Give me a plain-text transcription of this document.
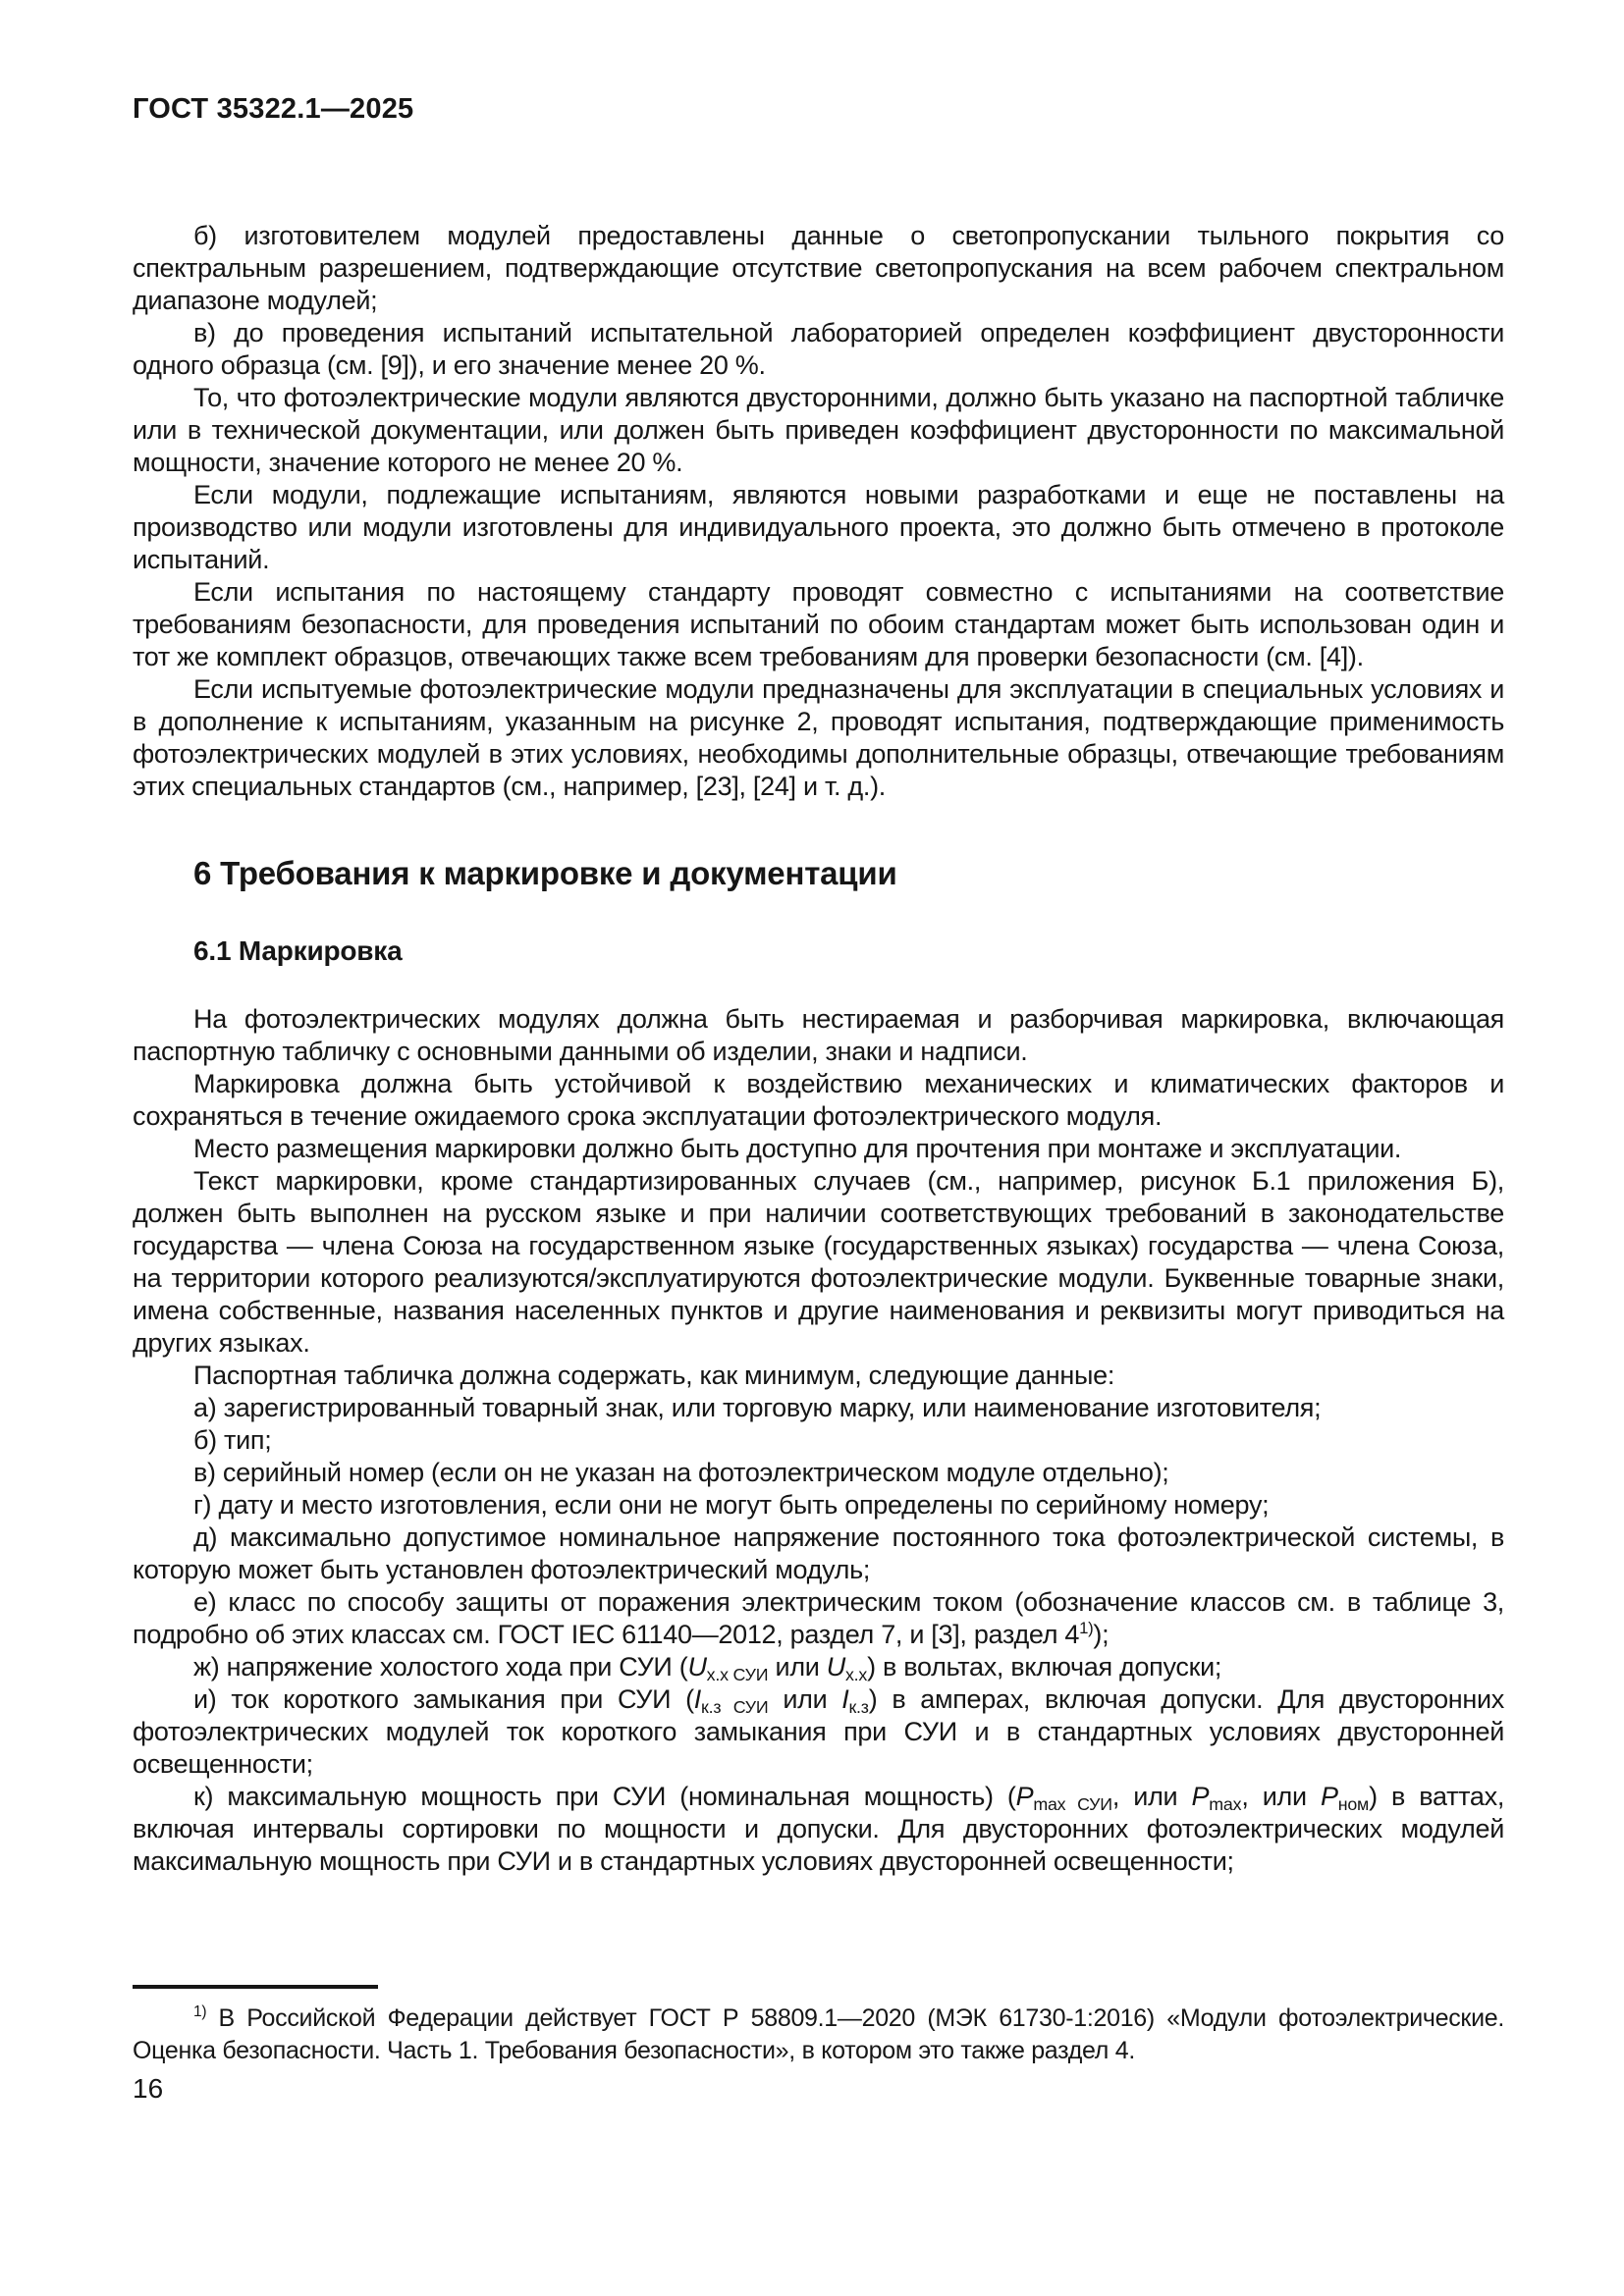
ГОСТ 35322.1—2025
б) изготовителем модулей предоставлены данные о светопропускании тыльного покрытия со спектральным разрешением, подтверждающие отсутствие светопропускания на всем рабочем спектральном диапазоне модулей;
в) до проведения испытаний испытательной лабораторией определен коэффициент двусторонности одного образца (см. [9]), и его значение менее 20 %.
То, что фотоэлектрические модули являются двусторонними, должно быть указано на паспортной табличке или в технической документации, или должен быть приведен коэффициент двусторонности по максимальной мощности, значение которого не менее 20 %.
Если модули, подлежащие испытаниям, являются новыми разработками и еще не поставлены на производство или модули изготовлены для индивидуального проекта, это должно быть отмечено в протоколе испытаний.
Если испытания по настоящему стандарту проводят совместно с испытаниями на соответствие требованиям безопасности, для проведения испытаний по обоим стандартам может быть использован один и тот же комплект образцов, отвечающих также всем требованиям для проверки безопасности (см. [4]).
Если испытуемые фотоэлектрические модули предназначены для эксплуатации в специальных условиях и в дополнение к испытаниям, указанным на рисунке 2, проводят испытания, подтверждающие применимость фотоэлектрических модулей в этих условиях, необходимы дополнительные образцы, отвечающие требованиям этих специальных стандартов (см., например, [23], [24] и т. д.).
6 Требования к маркировке и документации
6.1 Маркировка
На фотоэлектрических модулях должна быть нестираемая и разборчивая маркировка, включающая паспортную табличку с основными данными об изделии, знаки и надписи.
Маркировка должна быть устойчивой к воздействию механических и климатических факторов и сохраняться в течение ожидаемого срока эксплуатации фотоэлектрического модуля.
Место размещения маркировки должно быть доступно для прочтения при монтаже и эксплуатации.
Текст маркировки, кроме стандартизированных случаев (см., например, рисунок Б.1 приложения Б), должен быть выполнен на русском языке и при наличии соответствующих требований в законодательстве государства — члена Союза на государственном языке (государственных языках) государства — члена Союза, на территории которого реализуются/эксплуатируются фотоэлектрические модули. Буквенные товарные знаки, имена собственные, названия населенных пунктов и другие наименования и реквизиты могут приводиться на других языках.
Паспортная табличка должна содержать, как минимум, следующие данные:
а) зарегистрированный товарный знак, или торговую марку, или наименование изготовителя;
б) тип;
в) серийный номер (если он не указан на фотоэлектрическом модуле отдельно);
г) дату и место изготовления, если они не могут быть определены по серийному номеру;
д) максимально допустимое номинальное напряжение постоянного тока фотоэлектрической системы, в которую может быть установлен фотоэлектрический модуль;
е) класс по способу защиты от поражения электрическим током (обозначение классов см. в таблице 3, подробно об этих классах см. ГОСТ IEC 61140—2012, раздел 7, и [3], раздел 4$^{1)}$);
ж) напряжение холостого хода при СУИ ($U_{х.х СУИ}$ или $U_{х.х}$) в вольтах, включая допуски;
и) ток короткого замыкания при СУИ ($I_{к.з СУИ}$ или $I_{к.з}$) в амперах, включая допуски. Для двусторонних фотоэлектрических модулей ток короткого замыкания при СУИ и в стандартных условиях двусторонней освещенности;
к) максимальную мощность при СУИ (номинальная мощность) ($P_{max СУИ}$, или $P_{max}$, или $P_{ном}$) в ваттах, включая интервалы сортировки по мощности и допуски. Для двусторонних фотоэлектрических модулей максимальную мощность при СУИ и в стандартных условиях двусторонней освещенности;
$^{1)}$ В Российской Федерации действует ГОСТ Р 58809.1—2020 (МЭК 61730-1:2016) «Модули фотоэлектрические. Оценка безопасности. Часть 1. Требования безопасности», в котором это также раздел 4.
16
